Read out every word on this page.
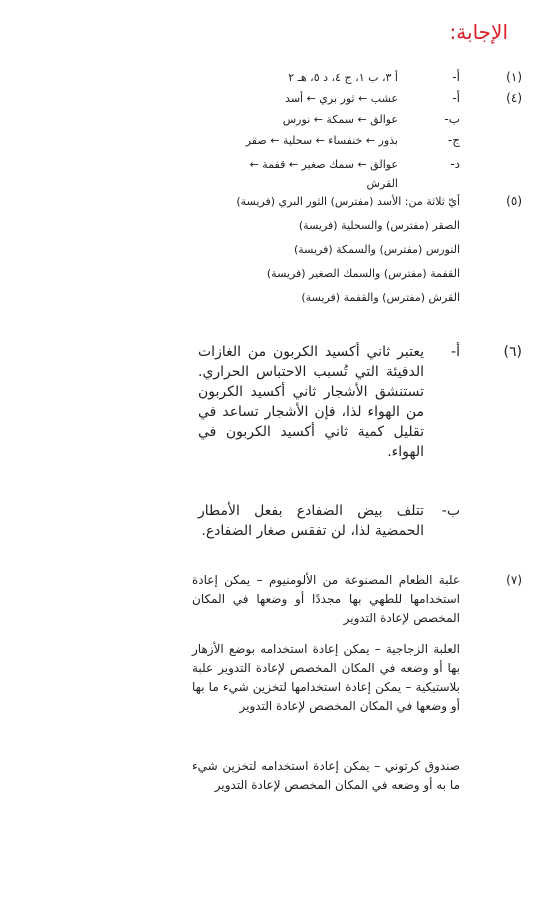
الإجابة:
(١)
أ-
أ ٣، ب ١، ج ٤، د ٥، هـ ٢
(٤)
أ-
عشب ← ثور بري ← أسد
ب-
عوالق ← سمكة ← نورس
ج-
بذور ← خنفساء ← سحلية ← صقر
د-
عوالق ← سمك صغير ← قفمة ←
القرش
(٥)
أيّ ثلاثة من: الأسد (مفترس) الثور البري (فريسة)
الصقر (مفترس) والسحلية (فريسة)
النورس (مفترس) والسمكة (فريسة)
القفمة (مفترس) والسمك الصغير (فريسة)
القرش (مفترس) والقفمة (فريسة)
(٦)
أ-
يعتبر ثاني أكسيد الكربون من الغازات الدفيئة التي تُسبب الاحتباس الحراري. تستنشق الأشجار ثاني أكسيد الكربون من الهواء لذا، فإن الأشجار تساعد في تقليل كمية ثاني أكسيد الكربون في الهواء.
ب-
تتلف بيض الضفادع بفعل الأمطار الحمضية لذا، لن تفقس صغار الضفادع.
(٧)
علبة الطعام المصنوعة من الألومنيوم – يمكن إعادة استخدامها للطهي بها مجددًا أو وضعها في المكان المخصص لإعادة التدوير
العلبة الزجاجية – يمكن إعادة استخدامه بوضع الأزهار بها أو وضعه في المكان المخصص لإعادة التدوير علبة بلاستيكية – يمكن إعادة استخدامها لتخزين شيء ما بها أو وضعها في المكان المخصص لإعادة التدوير
صندوق كرتوني – يمكن إعادة استخدامه لتخزين شيء ما به أو وضعه في المكان المخصص لإعادة التدوير
